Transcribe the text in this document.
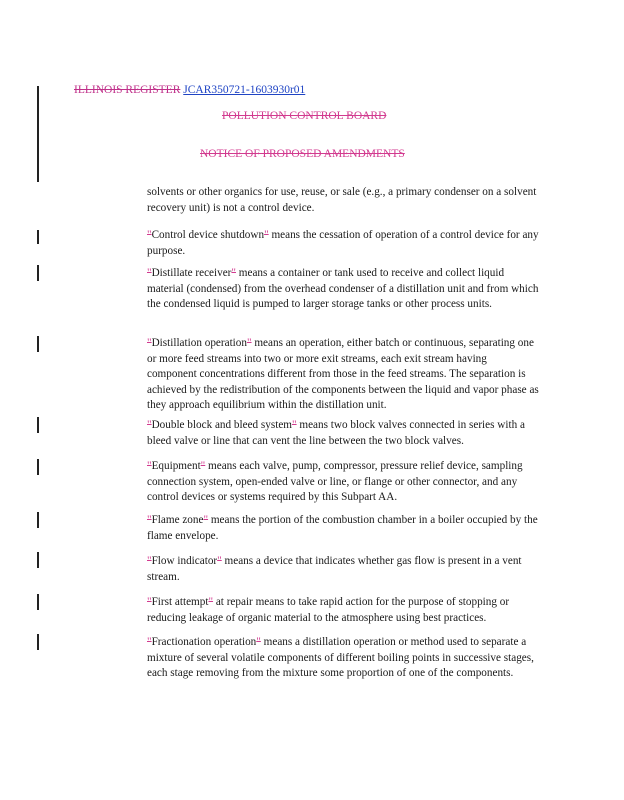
ILLINOIS REGISTER JCAR350721-1603930r01
POLLUTION CONTROL BOARD
NOTICE OF PROPOSED AMENDMENTS
solvents or other organics for use, reuse, or sale (e.g., a primary condenser on a solvent recovery unit) is not a control device.
"Control device shutdown" means the cessation of operation of a control device for any purpose.
"Distillate receiver" means a container or tank used to receive and collect liquid material (condensed) from the overhead condenser of a distillation unit and from which the condensed liquid is pumped to larger storage tanks or other process units.
"Distillation operation" means an operation, either batch or continuous, separating one or more feed streams into two or more exit streams, each exit stream having component concentrations different from those in the feed streams. The separation is achieved by the redistribution of the components between the liquid and vapor phase as they approach equilibrium within the distillation unit.
"Double block and bleed system" means two block valves connected in series with a bleed valve or line that can vent the line between the two block valves.
"Equipment" means each valve, pump, compressor, pressure relief device, sampling connection system, open-ended valve or line, or flange or other connector, and any control devices or systems required by this Subpart AA.
"Flame zone" means the portion of the combustion chamber in a boiler occupied by the flame envelope.
"Flow indicator" means a device that indicates whether gas flow is present in a vent stream.
"First attempt" at repair means to take rapid action for the purpose of stopping or reducing leakage of organic material to the atmosphere using best practices.
"Fractionation operation" means a distillation operation or method used to separate a mixture of several volatile components of different boiling points in successive stages, each stage removing from the mixture some proportion of one of the components.
